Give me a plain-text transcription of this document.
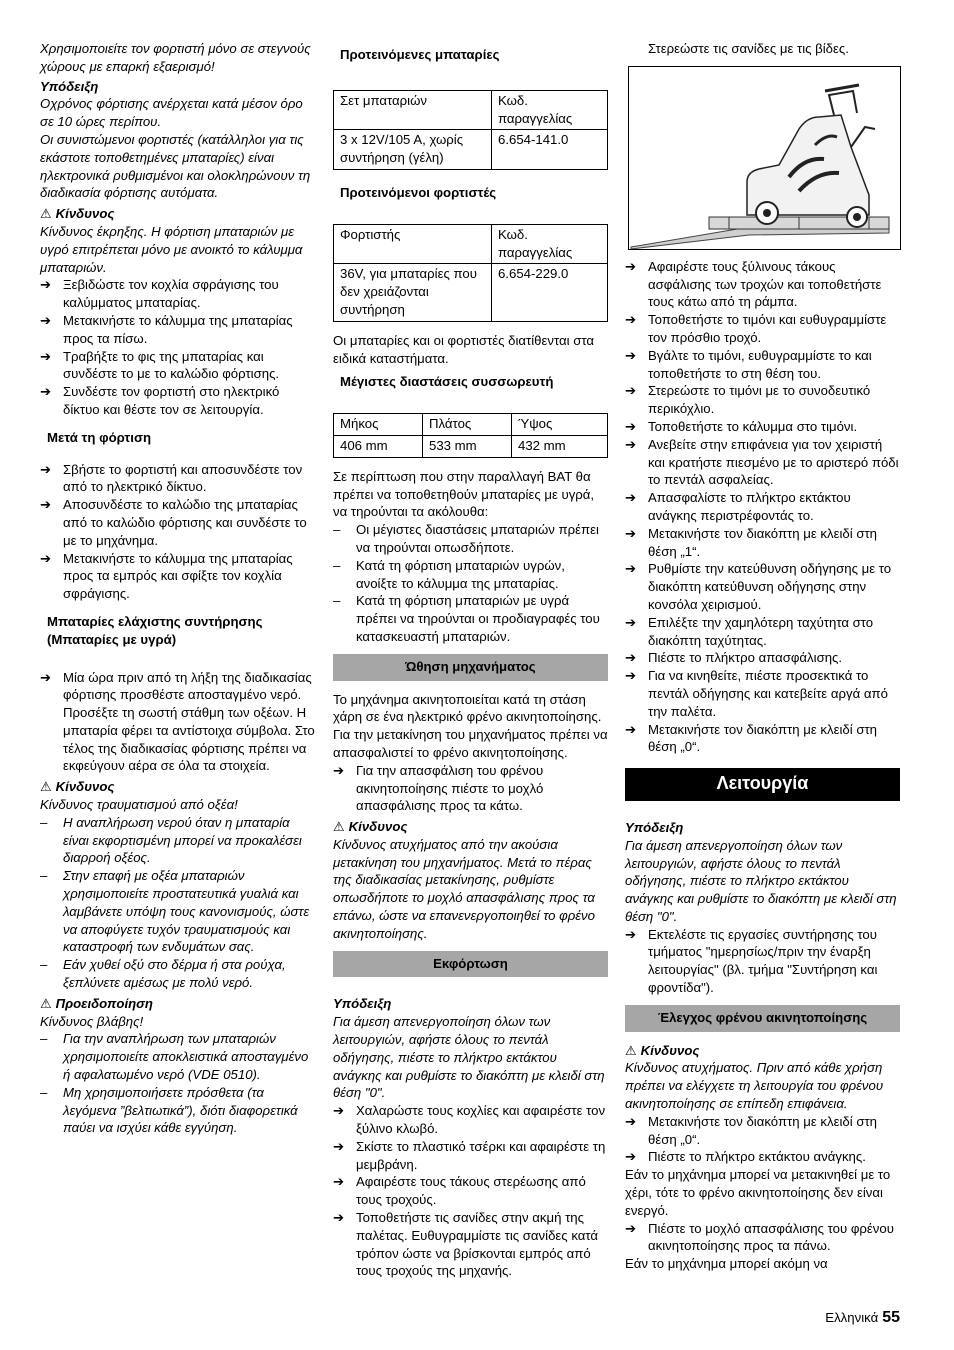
Χρησιμοποιείτε τον φορτιστή μόνο σε στεγνούς χώρους με επαρκή εξαερισμό!

Υπόδειξη

Οχρόνος φόρτισης ανέρχεται κατά μέσον όρο σε 10 ώρες περίπου.

Οι συνιστώμενοι φορτιστές (κατάλληλοι για τις εκάστοτε τοποθετημένες μπαταρίες) είναι ηλεκτρονικά ρυθμισμένοι και ολοκληρώνουν τη διαδικασία φόρτισης αυτόματα.

⚠ Κίνδυνος

Κίνδυνος έκρηξης. Η φόρτιση μπαταριών με υγρό επιτρέπεται μόνο με ανοικτό το κάλυμμα μπαταριών.

➔ Ξεβιδώστε τον κοχλία σφράγισης του καλύμματος μπαταρίας.
➔ Μετακινήστε το κάλυμμα της μπαταρίας προς τα πίσω.
➔ Τραβήξτε το φις της μπαταρίας και συνδέστε το με το καλώδιο φόρτισης.
➔ Συνδέστε τον φορτιστή στο ηλεκτρικό δίκτυο και θέστε τον σε λειτουργία.

Μετά τη φόρτιση

➔ Σβήστε το φορτιστή και αποσυνδέστε τον από το ηλεκτρικό δίκτυο.
➔ Αποσυνδέστε το καλώδιο της μπαταρίας από το καλώδιο φόρτισης και συνδέστε το με το μηχάνημα.
➔ Μετακινήστε το κάλυμμα της μπαταρίας προς τα εμπρός και σφίξτε τον κοχλία σφράγισης.

Μπαταρίες ελάχιστης συντήρησης
(Μπαταρίες με υγρά)

➔ Μία ώρα πριν από τη λήξη της διαδικασίας φόρτισης προσθέστε αποσταγμένο νερό. Προσέξτε τη σωστή στάθμη των οξέων. Η μπαταρία φέρει τα αντίστοιχα σύμβολα. Στο τέλος της διαδικασίας φόρτισης πρέπει να εκφεύγουν αέρα σε όλα τα στοιχεία.

⚠ Κίνδυνος

Κίνδυνος τραυματισμού από οξέα!

– Η αναπλήρωση νερού όταν η μπαταρία είναι εκφορτισμένη μπορεί να προκαλέσει διαρροή οξέος.
– Στην επαφή με οξέα μπαταριών χρησιμοποιείτε προστατευτικά γυαλιά και λαμβάνετε υπόψη τους κανονισμούς, ώστε να αποφύγετε τυχόν τραυματισμούς και καταστροφή των ενδυμάτων σας.
– Εάν χυθεί οξύ στο δέρμα ή στα ρούχα, ξεπλύνετε αμέσως με πολύ νερό.

⚠ Προειδοποίηση

Κίνδυνος βλάβης!

– Για την αναπλήρωση των μπαταριών χρησιμοποιείτε αποκλειστικά αποσταγμένο ή αφαλατωμένο νερό (VDE 0510).
– Μη χρησιμοποιήσετε πρόσθετα (τα λεγόμενα ”βελτιωτικά”), διότι διαφορετικά παύει να ισχύει κάθε εγγύηση.

Προτεινόμενες μπαταρίες

Σετ μπαταριών	Κωδ. παραγγελίας
3 x 12V/105 A, χωρίς συντήρηση (γέλη)	6.654-141.0

Προτεινόμενοι φορτιστές

Φορτιστής	Κωδ. παραγγελίας
36V, για μπαταρίες που δεν χρειάζονται συντήρηση	6.654-229.0

Οι μπαταρίες και οι φορτιστές διατίθενται στα ειδικά καταστήματα.

Μέγιστες διαστάσεις συσσωρευτή

Μήκος	Πλάτος	Ύψος
406 mm	533 mm	432 mm

Σε περίπτωση που στην παραλλαγή BAT θα πρέπει να τοποθετηθούν μπαταρίες με υγρά, να τηρούνται τα ακόλουθα:

– Οι μέγιστες διαστάσεις μπαταριών πρέπει να τηρούνται οπωσδήποτε.
– Κατά τη φόρτιση μπαταριών υγρών, ανοίξτε το κάλυμμα της μπαταρίας.
– Κατά τη φόρτιση μπαταριών με υγρά πρέπει να τηρούνται οι προδιαγραφές του κατασκευαστή μπαταριών.
Ώθηση μηχανήματος

Το μηχάνημα ακινητοποιείται κατά τη στάση χάρη σε ένα ηλεκτρικό φρένο ακινητοποίησης. Για την μετακίνηση του μηχανήματος πρέπει να απασφαλιστεί το φρένο ακινητοποίησης.

➔ Για την απασφάλιση του φρένου ακινητοποίησης πιέστε το μοχλό απασφάλισης προς τα κάτω.

⚠ Κίνδυνος

Κίνδυνος ατυχήματος από την ακούσια μετακίνηση του μηχανήματος. Μετά το πέρας της διαδικασίας μετακίνησης, ρυθμίστε οπωσδήποτε το μοχλό απασφάλισης προς τα επάνω, ώστε να επανενεργοποιηθεί το φρένο ακινητοποίησης.

Εκφόρτωση

Υπόδειξη

Για άμεση απενεργοποίηση όλων των λειτουργιών, αφήστε όλους το πεντάλ οδήγησης, πιέστε το πλήκτρο εκτάκτου ανάγκης και ρυθμίστε το διακόπτη με κλειδί στη θέση "0".

➔ Χαλαρώστε τους κοχλίες και αφαιρέστε τον ξύλινο κλωβό.
➔ Σκίστε το πλαστικό τσέρκι και αφαιρέστε τη μεμβράνη.
➔ Αφαιρέστε τους τάκους στερέωσης από τους τροχούς.
➔ Τοποθετήστε τις σανίδες στην ακμή της παλέτας. Ευθυγραμμίστε τις σανίδες κατά τρόπον ώστε να βρίσκονται εμπρός από τους τροχούς της μηχανής.

Στερεώστε τις σανίδες με τις βίδες.

➔ Αφαιρέστε τους ξύλινους τάκους ασφάλισης των τροχών και τοποθετήστε τους κάτω από τη ράμπα.
➔ Τοποθετήστε το τιμόνι και ευθυγραμμίστε τον πρόσθιο τροχό.
➔ Βγάλτε το τιμόνι, ευθυγραμμίστε το και τοποθετήστε το στη θέση του.
➔ Στερεώστε το τιμόνι με το συνοδευτικό περικόχλιο.
➔ Τοποθετήστε το κάλυμμα στο τιμόνι.
➔ Ανεβείτε στην επιφάνεια για τον χειριστή και κρατήστε πιεσμένο με το αριστερό πόδι το πεντάλ ασφαλείας.
➔ Απασφαλίστε το πλήκτρο εκτάκτου ανάγκης περιστρέφοντάς το.
➔ Μετακινήστε τον διακόπτη με κλειδί στη θέση „1“.
➔ Ρυθμίστε την κατεύθυνση οδήγησης με το διακόπτη κατεύθυνση οδήγησης στην κονσόλα χειρισμού.
➔ Επιλέξτε την χαμηλότερη ταχύτητα στο διακόπτη ταχύτητας.
➔ Πιέστε το πλήκτρο απασφάλισης.
➔ Για να κινηθείτε, πιέστε προσεκτικά το πεντάλ οδήγησης και κατεβείτε αργά από την παλέτα.
➔ Μετακινήστε τον διακόπτη με κλειδί στη θέση „0“.
Λειτουργία

Υπόδειξη

Για άμεση απενεργοποίηση όλων των λειτουργιών, αφήστε όλους το πεντάλ οδήγησης, πιέστε το πλήκτρο εκτάκτου ανάγκης και ρυθμίστε το διακόπτη με κλειδί στη θέση "0".

➔ Εκτελέστε τις εργασίες συντήρησης του τμήματος "ημερησίως/πριν την έναρξη λειτουργίας" (βλ. τμήμα "Συντήρηση και φροντίδα").
Έλεγχος φρένου ακινητοποίησης

⚠ Κίνδυνος

Κίνδυνος ατυχήματος. Πριν από κάθε χρήση πρέπει να ελέγχετε τη λειτουργία του φρένου ακινητοποίησης σε επίπεδη επιφάνεια.

➔ Μετακινήστε τον διακόπτη με κλειδί στη θέση „0“.
➔ Πιέστε το πλήκτρο εκτάκτου ανάγκης.

Εάν το μηχάνημα μπορεί να μετακινηθεί με το χέρι, τότε το φρένο ακινητοποίησης δεν είναι ενεργό.

➔ Πιέστε το μοχλό απασφάλισης του φρένου ακινητοποίησης προς τα πάνω.

Εάν το μηχάνημα μπορεί ακόμη να

Ελληνικά 55
